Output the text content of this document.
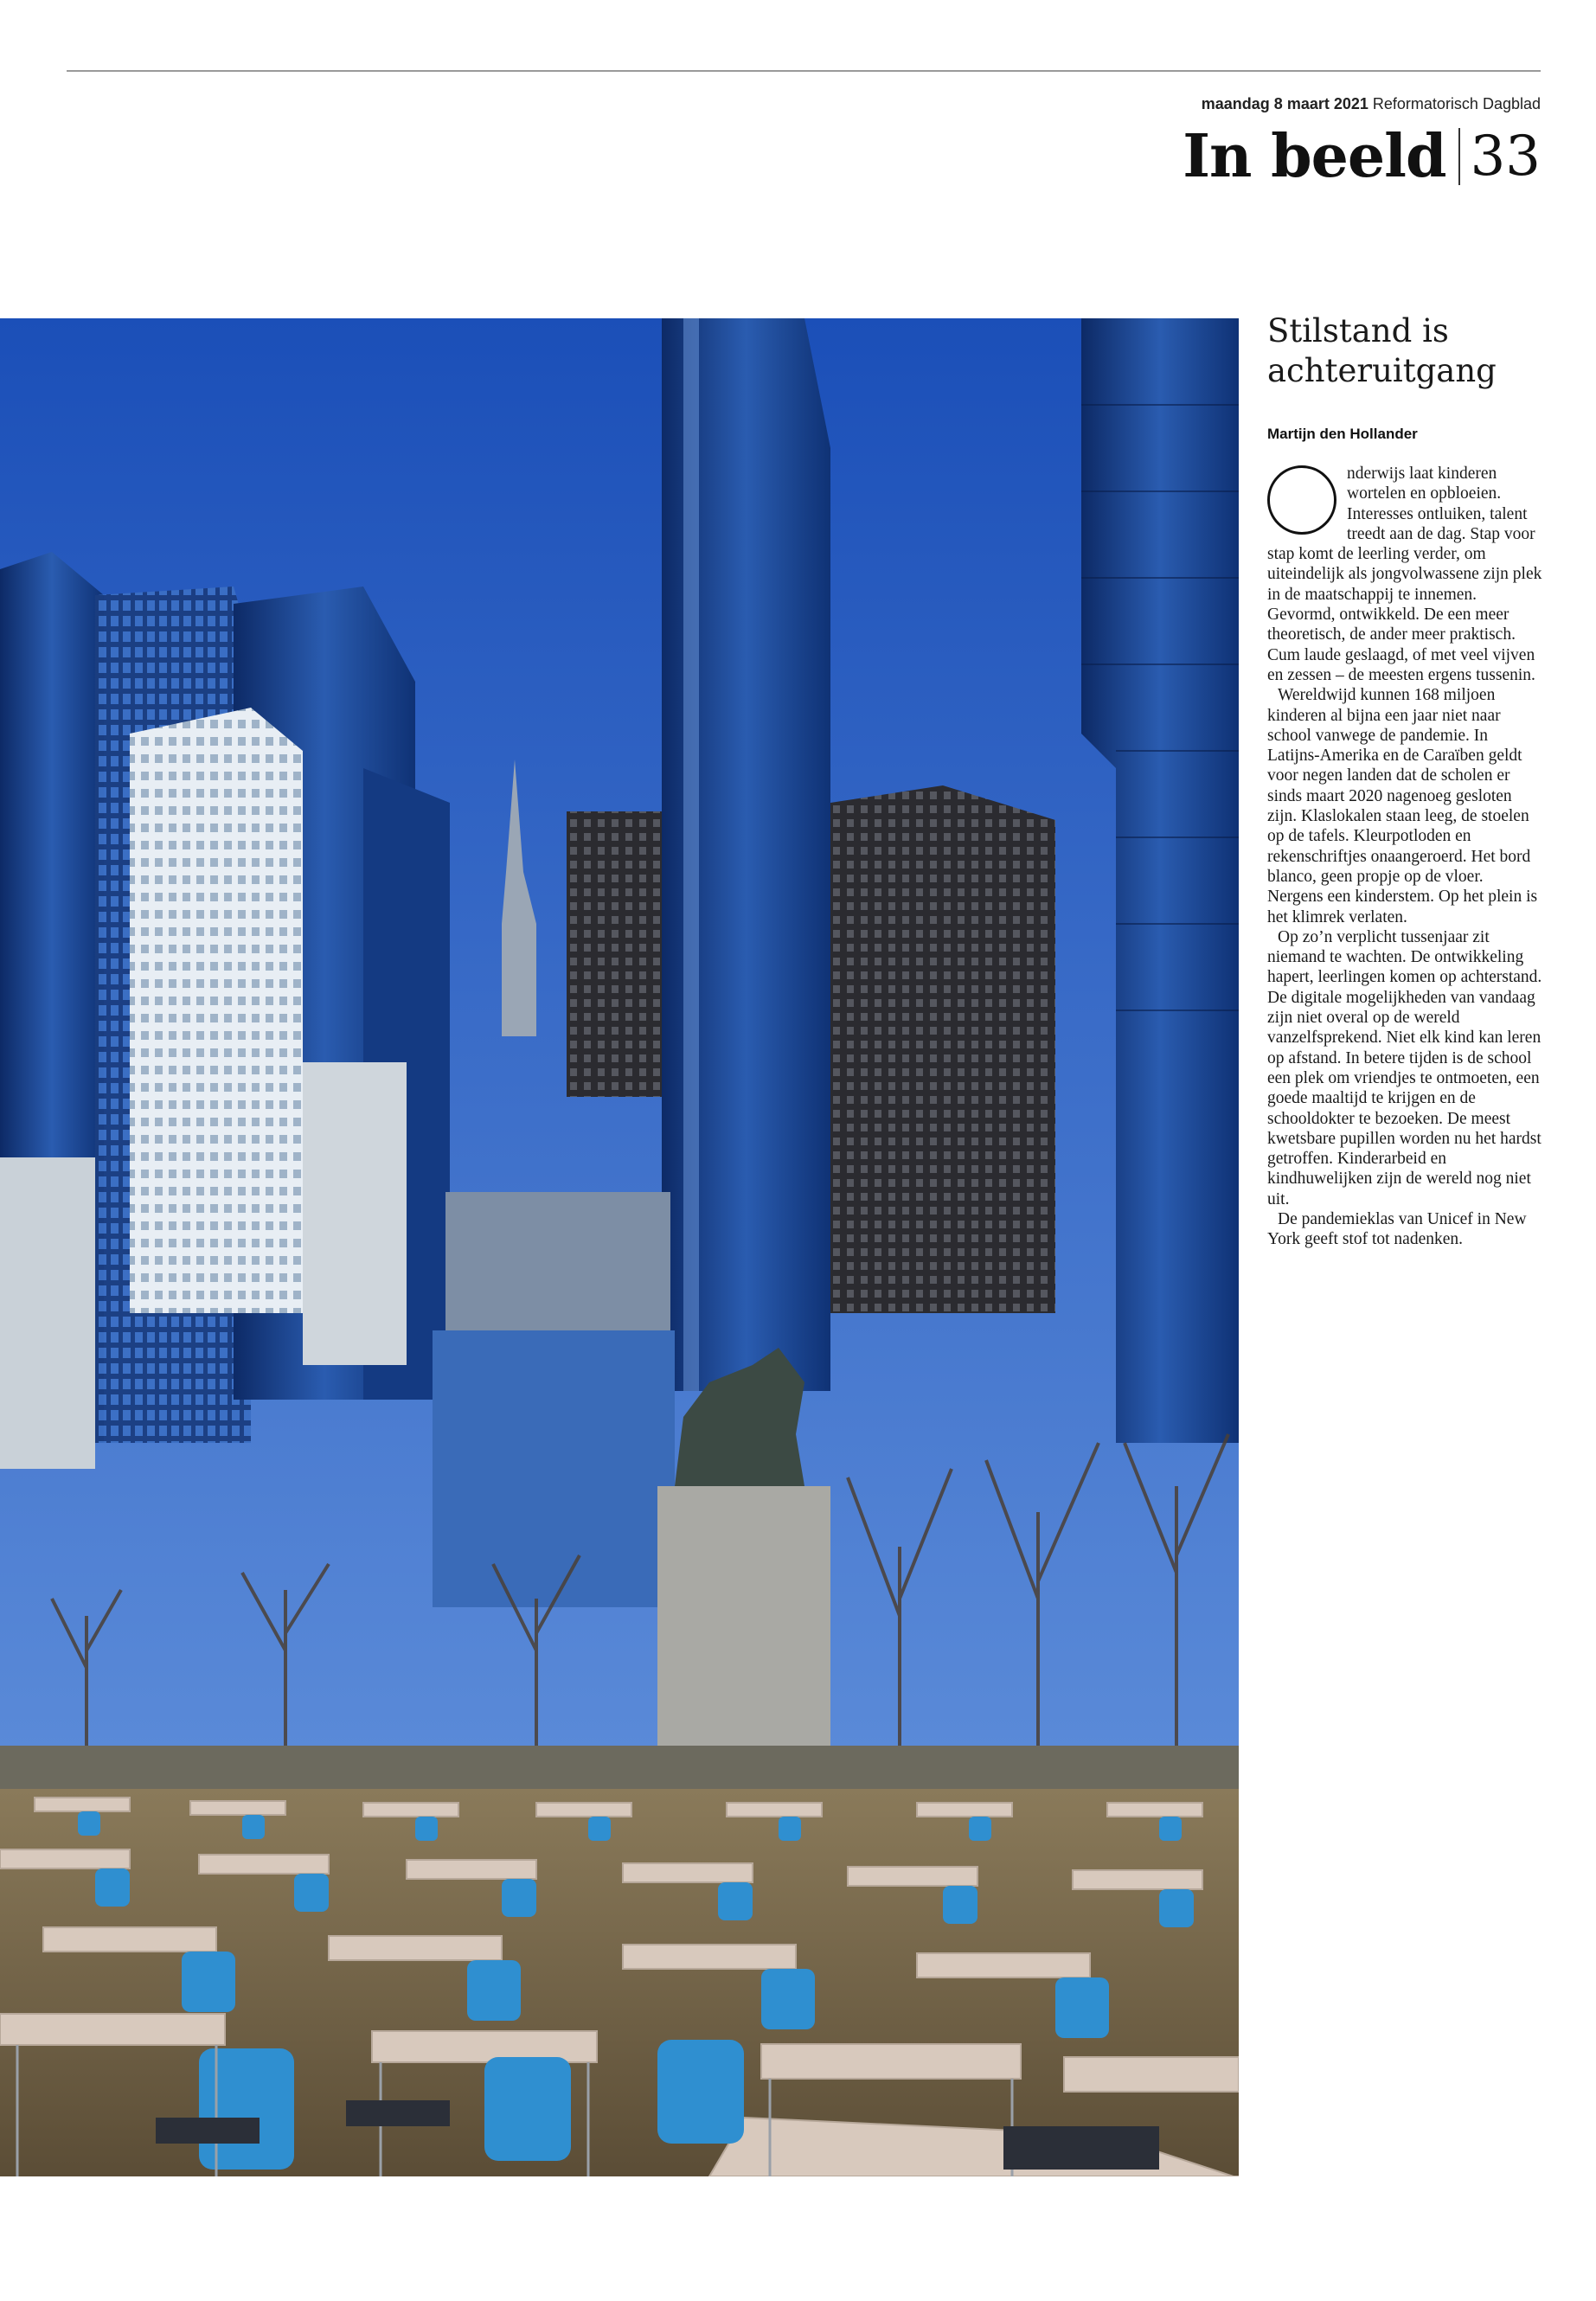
maandag 8 maart 2021 Reformatorisch Dagblad
In beeld 33
Stilstand is achteruitgang
Martijn den Hollander

nderwijs laat kinderen wortelen en opbloeien. Interesses ontluiken, talent treedt aan de dag. Stap voor stap komt de leerling verder, om uiteindelijk als jongvolwassene zijn plek in de maatschappij te innemen. Gevormd, ontwikkeld. De een meer theoretisch, de ander meer praktisch. Cum laude geslaagd, of met veel vijven en zessen – de meesten ergens tussenin.

Wereldwijd kunnen 168 miljoen kinderen al bijna een jaar niet naar school vanwege de pandemie. In Latijns-Amerika en de Caraïben geldt voor negen landen dat de scholen er sinds maart 2020 nagenoeg gesloten zijn. Klaslokalen staan leeg, de stoelen op de tafels. Kleurpotloden en rekenschriftjes onaangeroerd. Het bord blanco, geen propje op de vloer. Nergens een kinderstem. Op het plein is het klimrek verlaten.

Op zo’n verplicht tussenjaar zit niemand te wachten. De ontwikkeling hapert, leerlingen komen op achterstand. De digitale mogelijkheden van vandaag zijn niet overal op de wereld vanzelfsprekend. Niet elk kind kan leren op afstand. In betere tijden is de school een plek om vriendjes te ontmoeten, een goede maaltijd te krijgen en de schooldokter te bezoeken. De meest kwetsbare pupillen worden nu het hardst getroffen. Kinderarbeid en kindhuwelijken zijn de wereld nog niet uit.

De pandemieklas van Unicef in New York geeft stof tot nadenken.
